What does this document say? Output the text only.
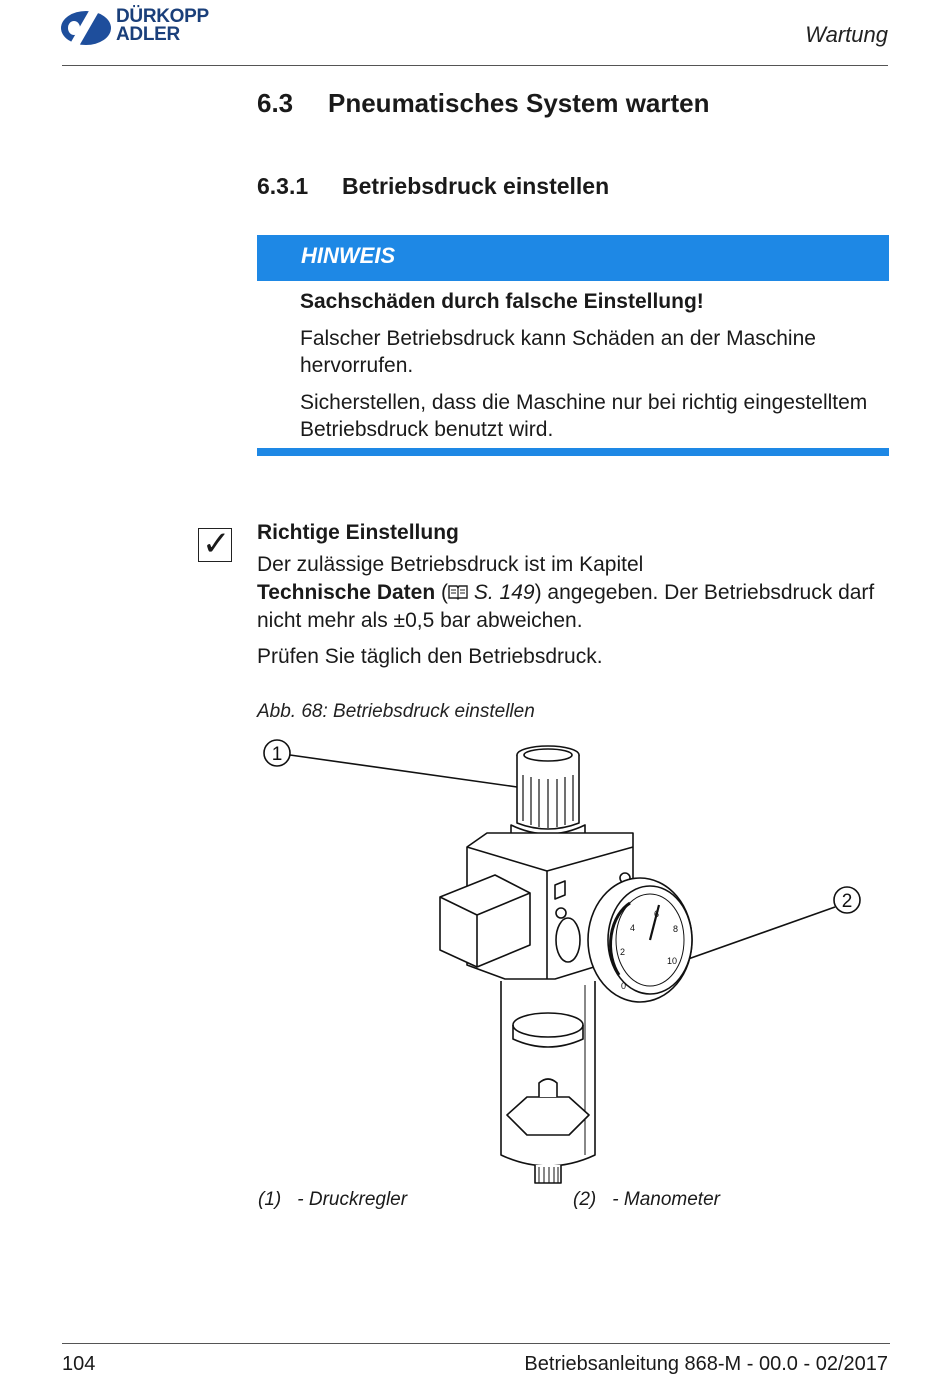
DÜRKOPP
ADLER	Wartung
6.3 Pneumatisches System warten
6.3.1 Betriebsdruck einstellen
HINWEIS

Sachschäden durch falsche Einstellung!

Falscher Betriebsdruck kann Schäden an der Maschine hervorrufen.

Sicherstellen, dass die Maschine nur bei richtig eingestelltem Betriebsdruck benutzt wird.

✓ Richtige Einstellung

Der zulässige Betriebsdruck ist im Kapitel
Technische Daten ( S. 149) angegeben. Der Betriebsdruck darf nicht mehr als ±0,5 bar abweichen.

Prüfen Sie täglich den Betriebsdruck.

Abb. 68: Betriebsdruck einstellen
1
2
0
2
4
6
8
10
(1) - Druckregler	(2) - Manometer
104	Betriebsanleitung 868-M - 00.0 - 02/2017
